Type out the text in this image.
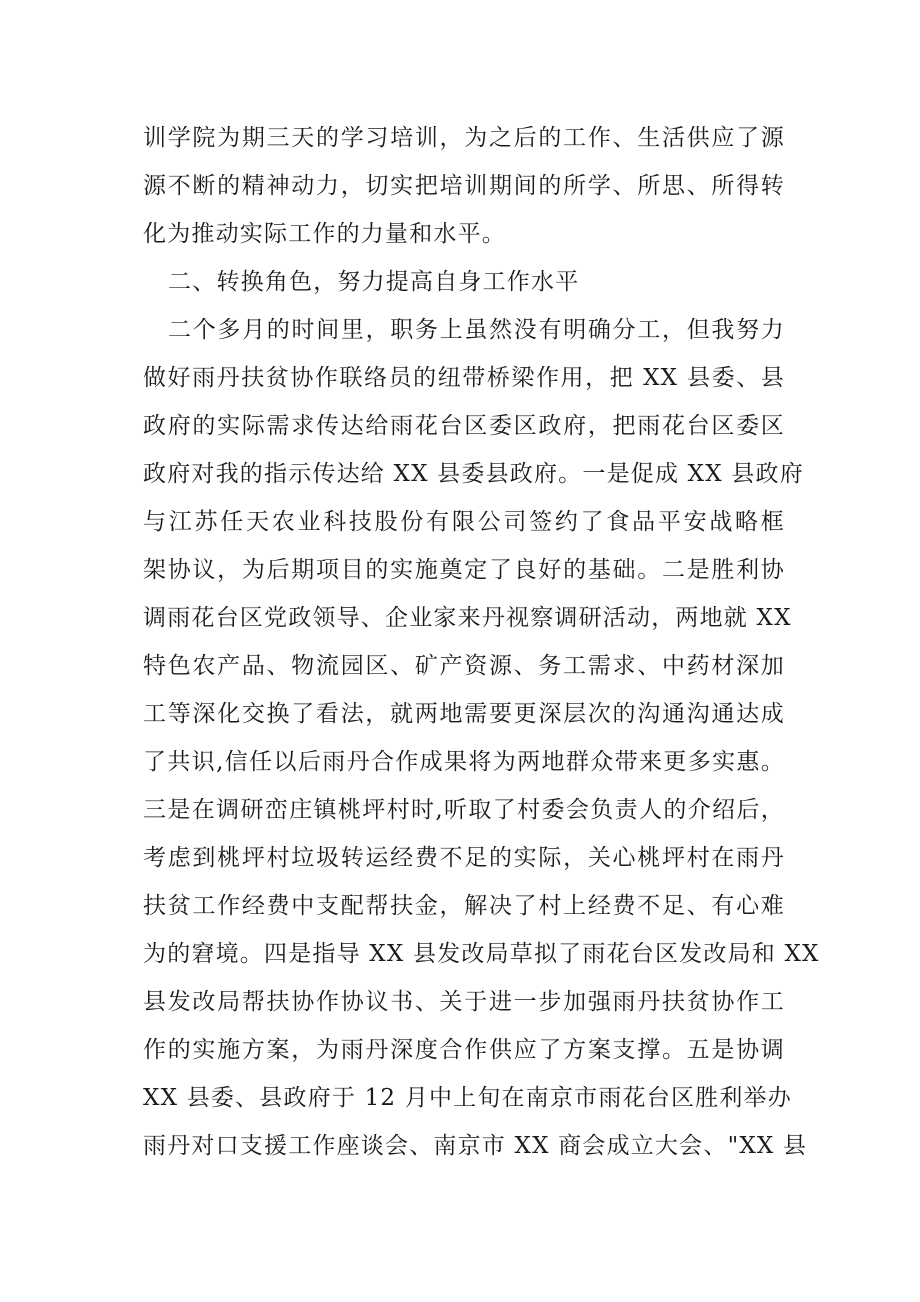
训学院为期三天的学习培训，为之后的工作、生活供应了源
源不断的精神动力，切实把培训期间的所学、所思、所得转
化为推动实际工作的力量和水平。
二、转换角色，努力提高自身工作水平
二个多月的时间里，职务上虽然没有明确分工，但我努力
做好雨丹扶贫协作联络员的纽带桥梁作用，把 XX 县委、县
政府的实际需求传达给雨花台区委区政府，把雨花台区委区
政府对我的指示传达给 XX 县委县政府。一是促成 XX 县政府
与江苏任天农业科技股份有限公司签约了食品平安战略框
架协议，为后期项目的实施奠定了良好的基础。二是胜利协
调雨花台区党政领导、企业家来丹视察调研活动，两地就 XX
特色农产品、物流园区、矿产资源、务工需求、中药材深加
工等深化交换了看法，就两地需要更深层次的沟通沟通达成
了共识,信任以后雨丹合作成果将为两地群众带来更多实惠。
三是在调研峦庄镇桃坪村时,听取了村委会负责人的介绍后，
考虑到桃坪村垃圾转运经费不足的实际，关心桃坪村在雨丹
扶贫工作经费中支配帮扶金，解决了村上经费不足、有心难
为的窘境。四是指导 XX 县发改局草拟了雨花台区发改局和 XX
县发改局帮扶协作协议书、关于进一步加强雨丹扶贫协作工
作的实施方案，为雨丹深度合作供应了方案支撑。五是协调
XX 县委、县政府于 12 月中上旬在南京市雨花台区胜利举办
雨丹对口支援工作座谈会、南京市 XX 商会成立大会、"XX 县
